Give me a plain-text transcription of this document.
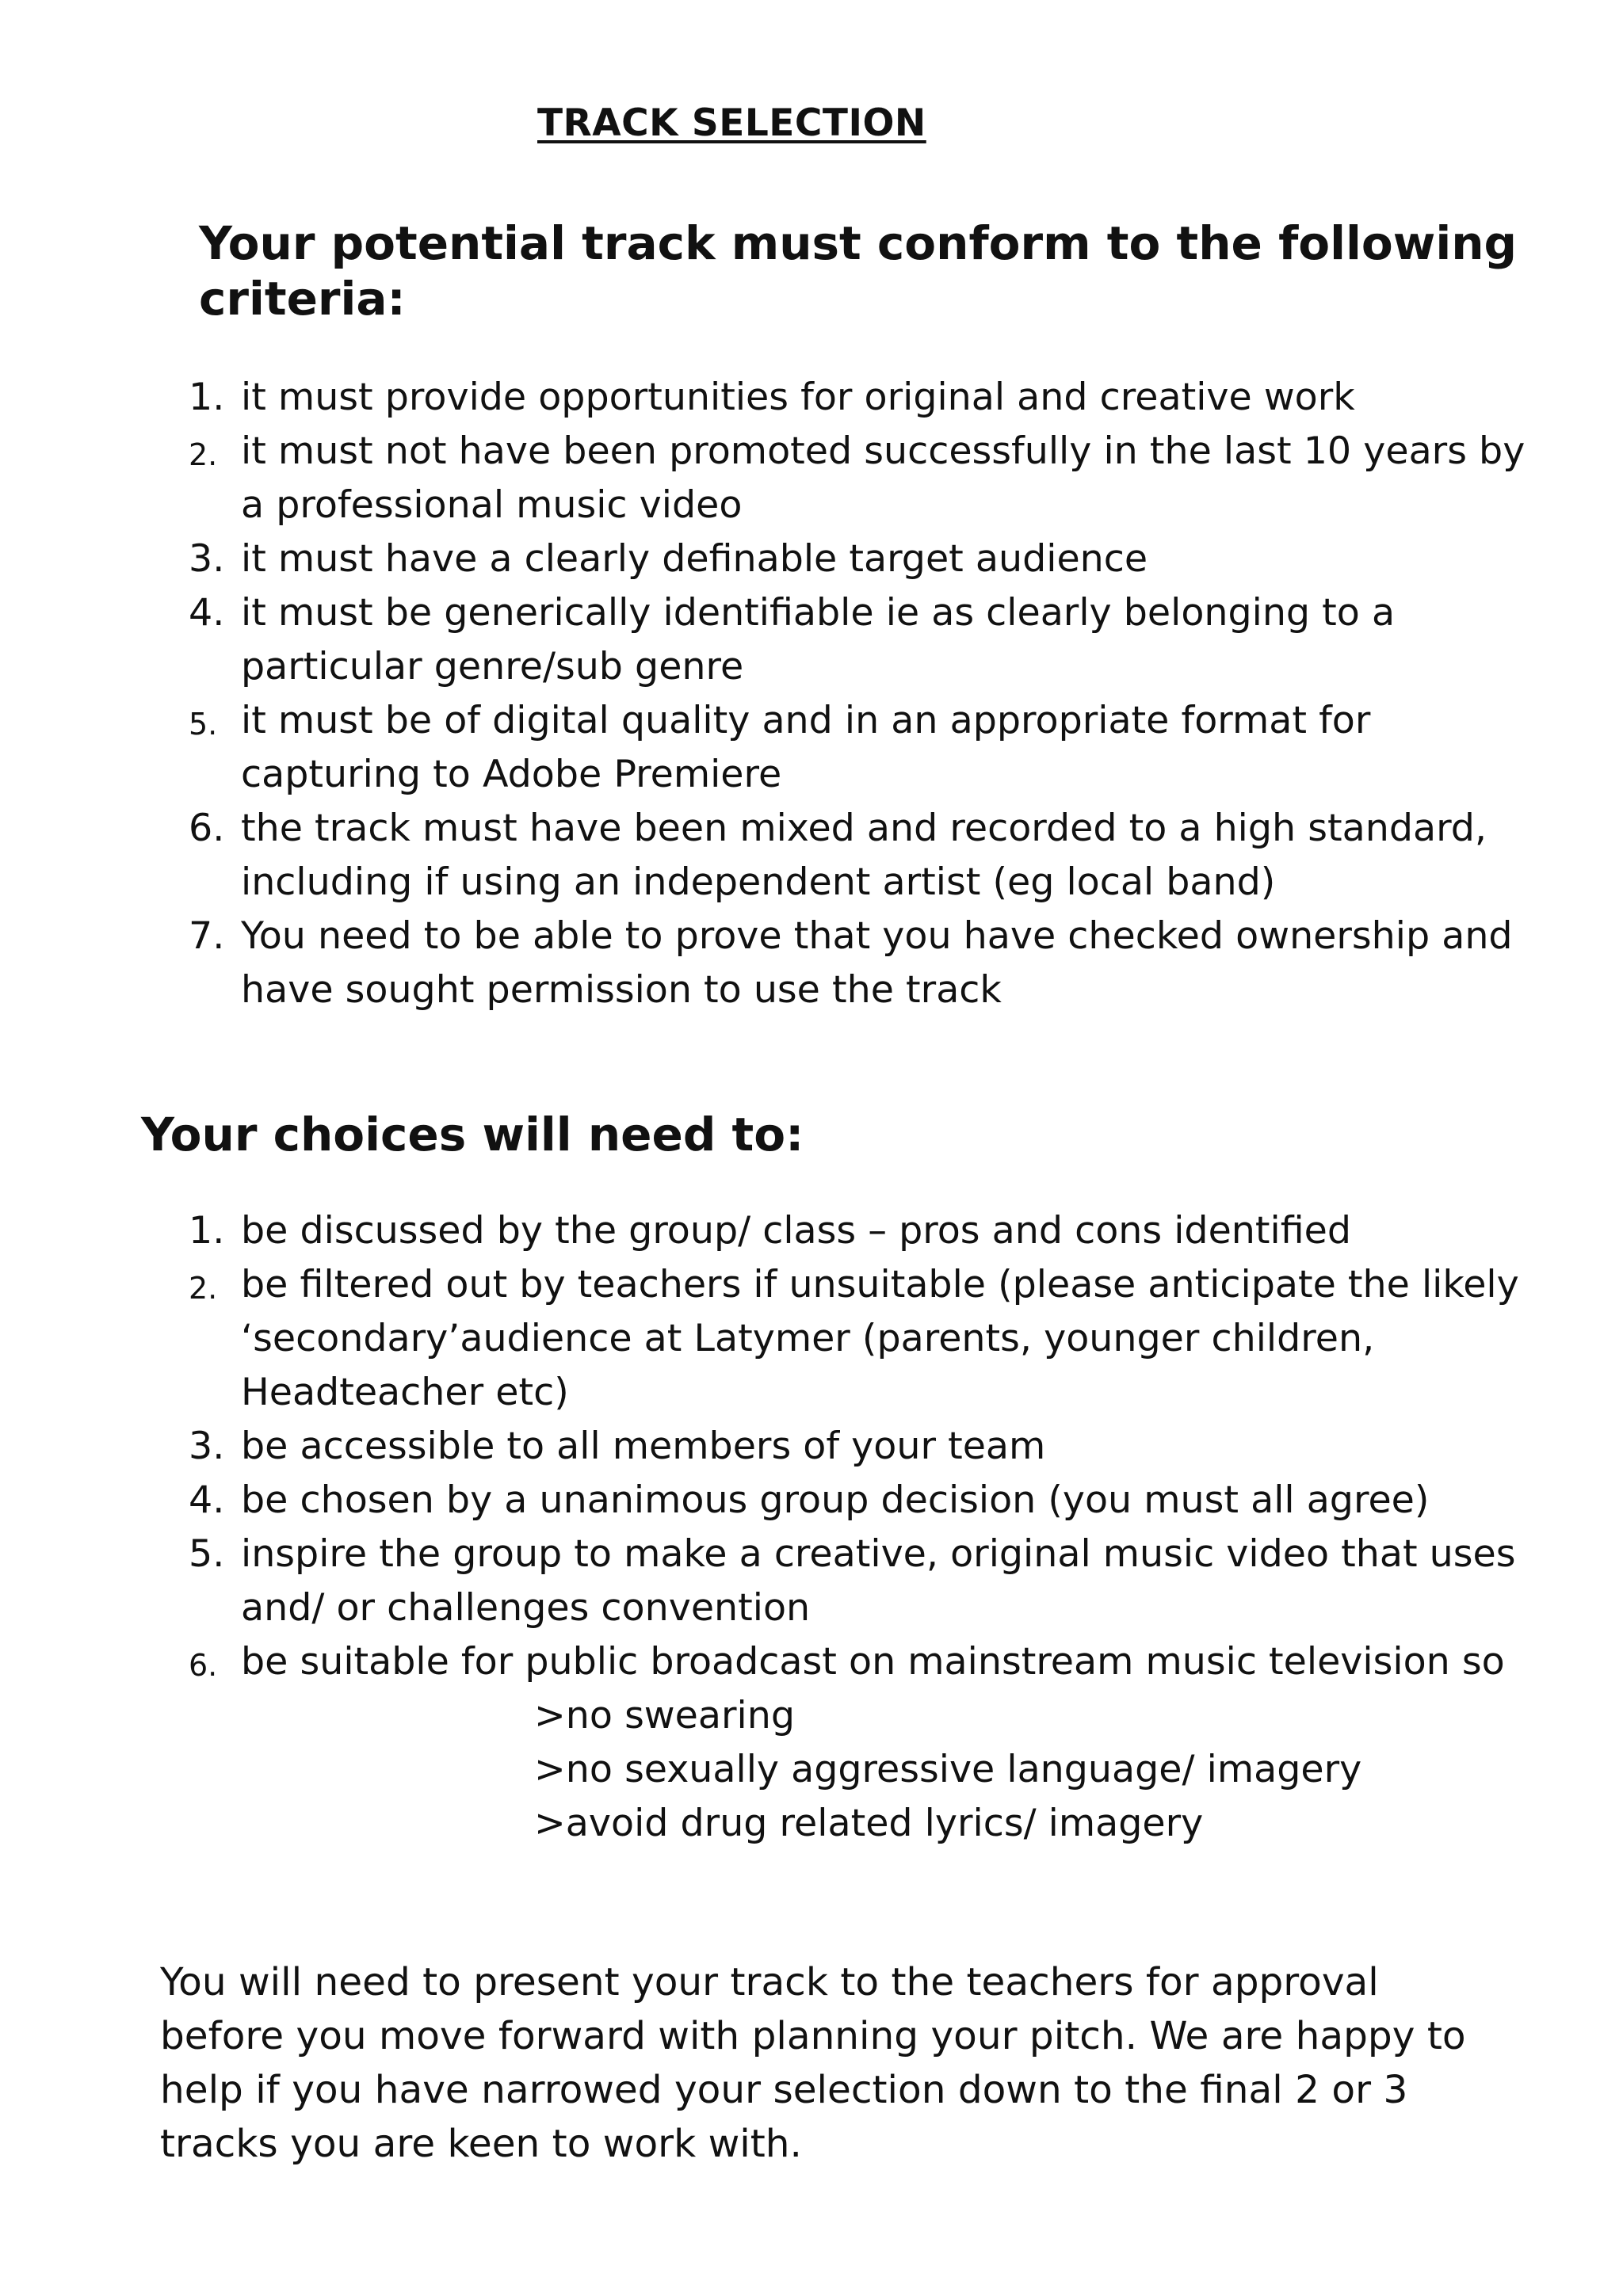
TRACK SELECTION
Your potential track must conform to the following criteria:
1. it must provide opportunities for original and creative work
2. it must not have been promoted successfully in the last 10 years by a professional music video
3. it must have a clearly definable target audience
4. it must be generically identifiable ie as clearly belonging to a particular genre/sub genre
5. it must be of digital quality and in an appropriate format for capturing to Adobe Premiere
6. the track must have been mixed and recorded to a high standard, including if using an independent artist (eg local band)
7. You need to be able to prove that you have checked ownership and have sought permission to use the track
Your choices will need to:
1. be discussed by the group/ class – pros and cons identified
2. be filtered out by teachers if unsuitable (please anticipate the likely ‘secondary’audience at Latymer (parents, younger children, Headteacher etc)
3. be accessible to all members of your team
4. be chosen by a unanimous group decision (you must all agree)
5. inspire the group to make a creative, original music video that uses and/ or challenges convention
6. be suitable for public broadcast on mainstream music television so
>no swearing
>no sexually aggressive language/ imagery
>avoid drug related lyrics/ imagery

You will need to present your track to the teachers for approval before you move forward with planning your pitch. We are happy to help if you have narrowed your selection down to the final 2 or 3 tracks you are keen to work with.
